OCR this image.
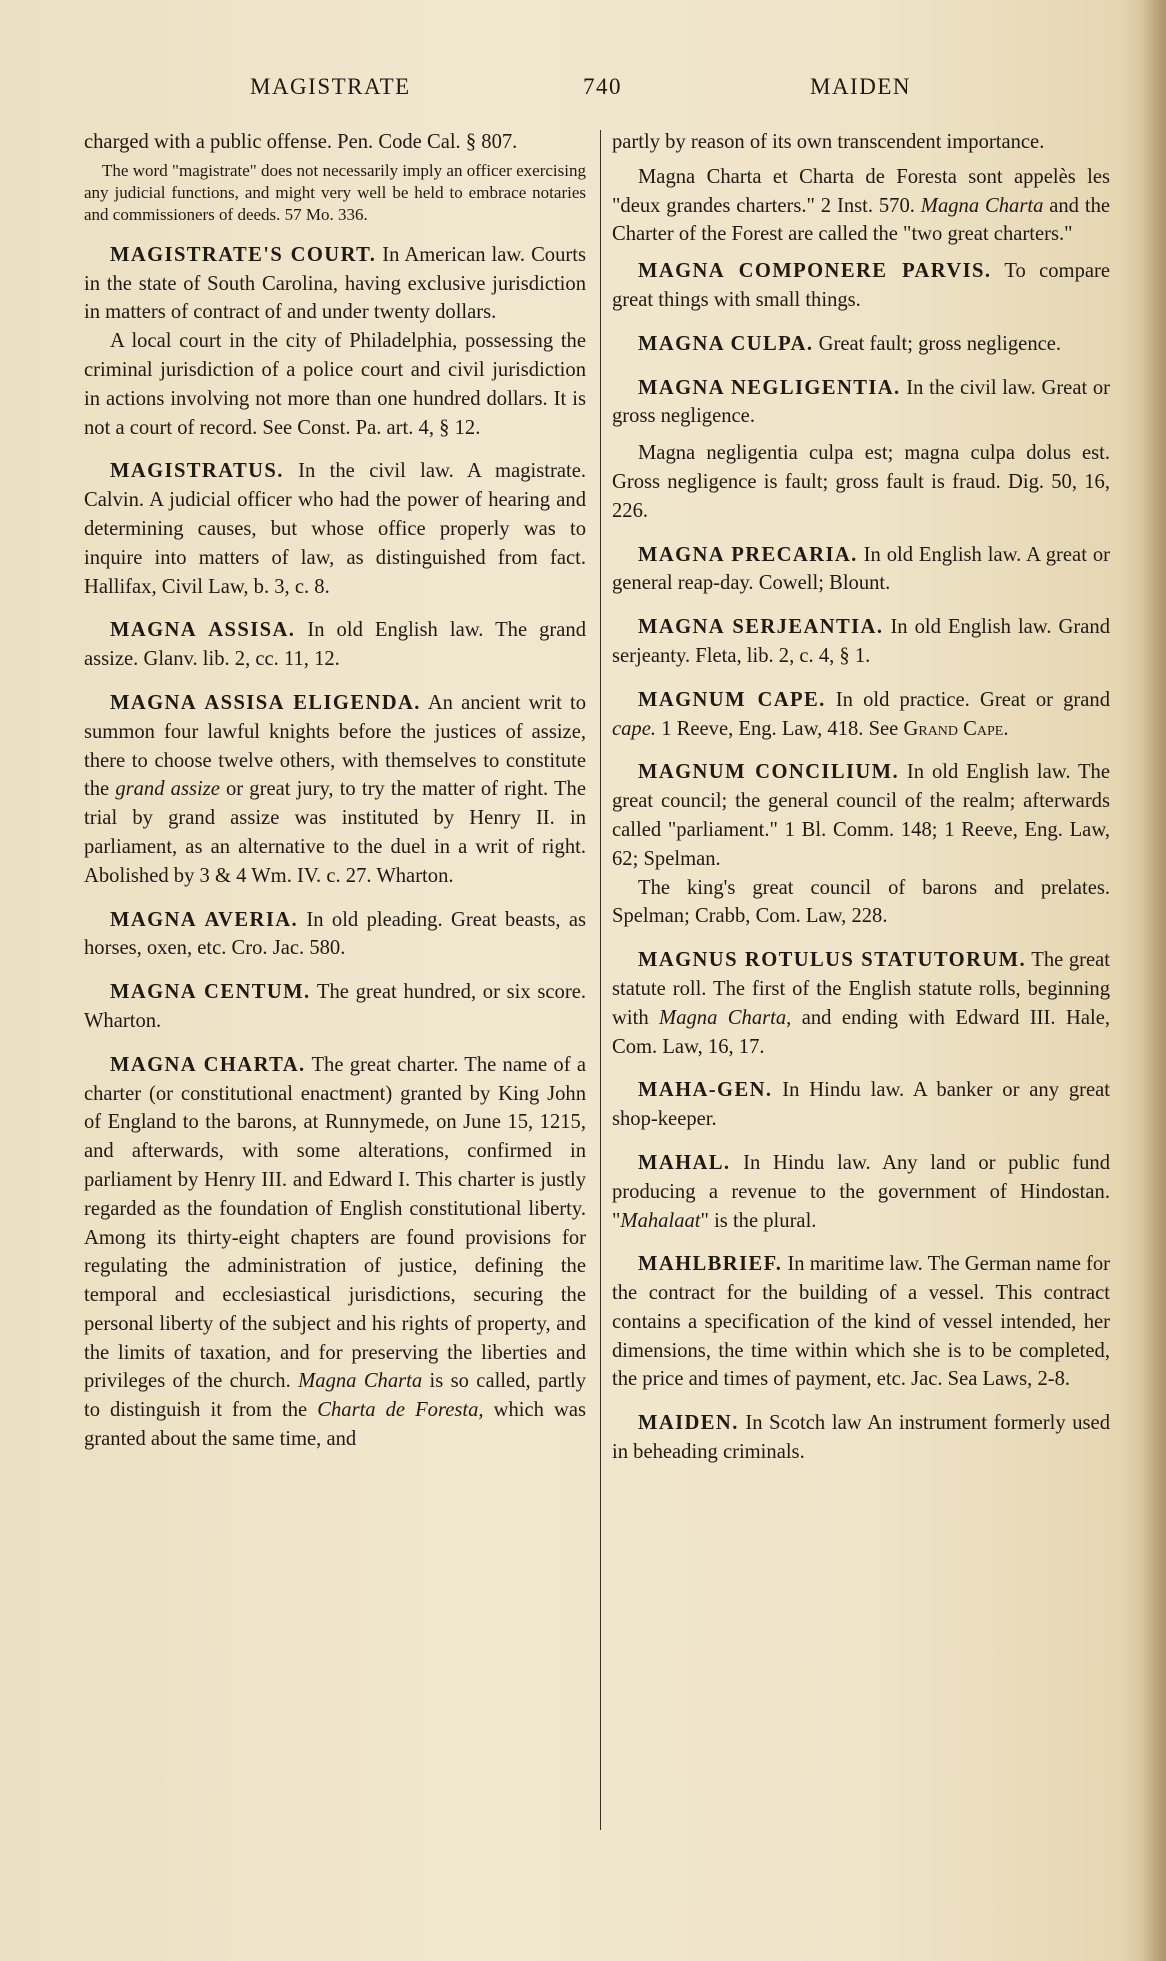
MAGISTRATE	740	MAIDEN

charged with a public offense. Pen. Code Cal. § 807.

The word "magistrate" does not necessarily imply an officer exercising any judicial functions, and might very well be held to embrace notaries and commissioners of deeds. 57 Mo. 336.

MAGISTRATE'S COURT. In American law. Courts in the state of South Carolina, having exclusive jurisdiction in matters of contract of and under twenty dollars.

A local court in the city of Philadelphia, possessing the criminal jurisdiction of a police court and civil jurisdiction in actions involving not more than one hundred dollars. It is not a court of record. See Const. Pa. art. 4, § 12.

MAGISTRATUS. In the civil law. A magistrate. Calvin. A judicial officer who had the power of hearing and determining causes, but whose office properly was to inquire into matters of law, as distinguished from fact. Hallifax, Civil Law, b. 3, c. 8.
MAGNA ASSISA. In old English law. The grand assize. Glanv. lib. 2, cc. 11, 12.
MAGNA ASSISA ELIGENDA. An ancient writ to summon four lawful knights before the justices of assize, there to choose twelve others, with themselves to constitute the grand assize or great jury, to try the matter of right. The trial by grand assize was instituted by Henry II. in parliament, as an alternative to the duel in a writ of right. Abolished by 3 & 4 Wm. IV. c. 27. Wharton.
MAGNA AVERIA. In old pleading. Great beasts, as horses, oxen, etc. Cro. Jac. 580.
MAGNA CENTUM. The great hundred, or six score. Wharton.
MAGNA CHARTA. The great charter. The name of a charter (or constitutional enactment) granted by King John of England to the barons, at Runnymede, on June 15, 1215, and afterwards, with some alterations, confirmed in parliament by Henry III. and Edward I. This charter is justly regarded as the foundation of English constitutional liberty. Among its thirty-eight chapters are found provisions for regulating the administration of justice, defining the temporal and ecclesiastical jurisdictions, securing the personal liberty of the subject and his rights of property, and the limits of taxation, and for preserving the liberties and privileges of the church. Magna Charta is so called, partly to distinguish it from the Charta de Foresta, which was granted about the same time, and

partly by reason of its own transcendent importance.

Magna Charta et Charta de Foresta sont appelès les "deux grandes charters." 2 Inst. 570. Magna Charta and the Charter of the Forest are called the "two great charters."

MAGNA COMPONERE PARVIS. To compare great things with small things.
MAGNA CULPA. Great fault; gross negligence.

MAGNA NEGLIGENTIA. In the civil law. Great or gross negligence.

Magna negligentia culpa est; magna culpa dolus est. Gross negligence is fault; gross fault is fraud. Dig. 50, 16, 226.

MAGNA PRECARIA. In old English law. A great or general reap-day. Cowell; Blount.
MAGNA SERJEANTIA. In old English law. Grand serjeanty. Fleta, lib. 2, c. 4, § 1.
MAGNUM CAPE. In old practice. Great or grand cape. 1 Reeve, Eng. Law, 418. See Grand Cape.

MAGNUM CONCILIUM. In old English law. The great council; the general council of the realm; afterwards called "parliament." 1 Bl. Comm. 148; 1 Reeve, Eng. Law, 62; Spelman.

The king's great council of barons and prelates. Spelman; Crabb, Com. Law, 228.

MAGNUS ROTULUS STATUTORUM. The great statute roll. The first of the English statute rolls, beginning with Magna Charta, and ending with Edward III. Hale, Com. Law, 16, 17.
MAHA-GEN. In Hindu law. A banker or any great shop-keeper.
MAHAL. In Hindu law. Any land or public fund producing a revenue to the government of Hindostan. "Mahalaat" is the plural.
MAHLBRIEF. In maritime law. The German name for the contract for the building of a vessel. This contract contains a specification of the kind of vessel intended, her dimensions, the time within which she is to be completed, the price and times of payment, etc. Jac. Sea Laws, 2-8.
MAIDEN. In Scotch law An instrument formerly used in beheading criminals.
